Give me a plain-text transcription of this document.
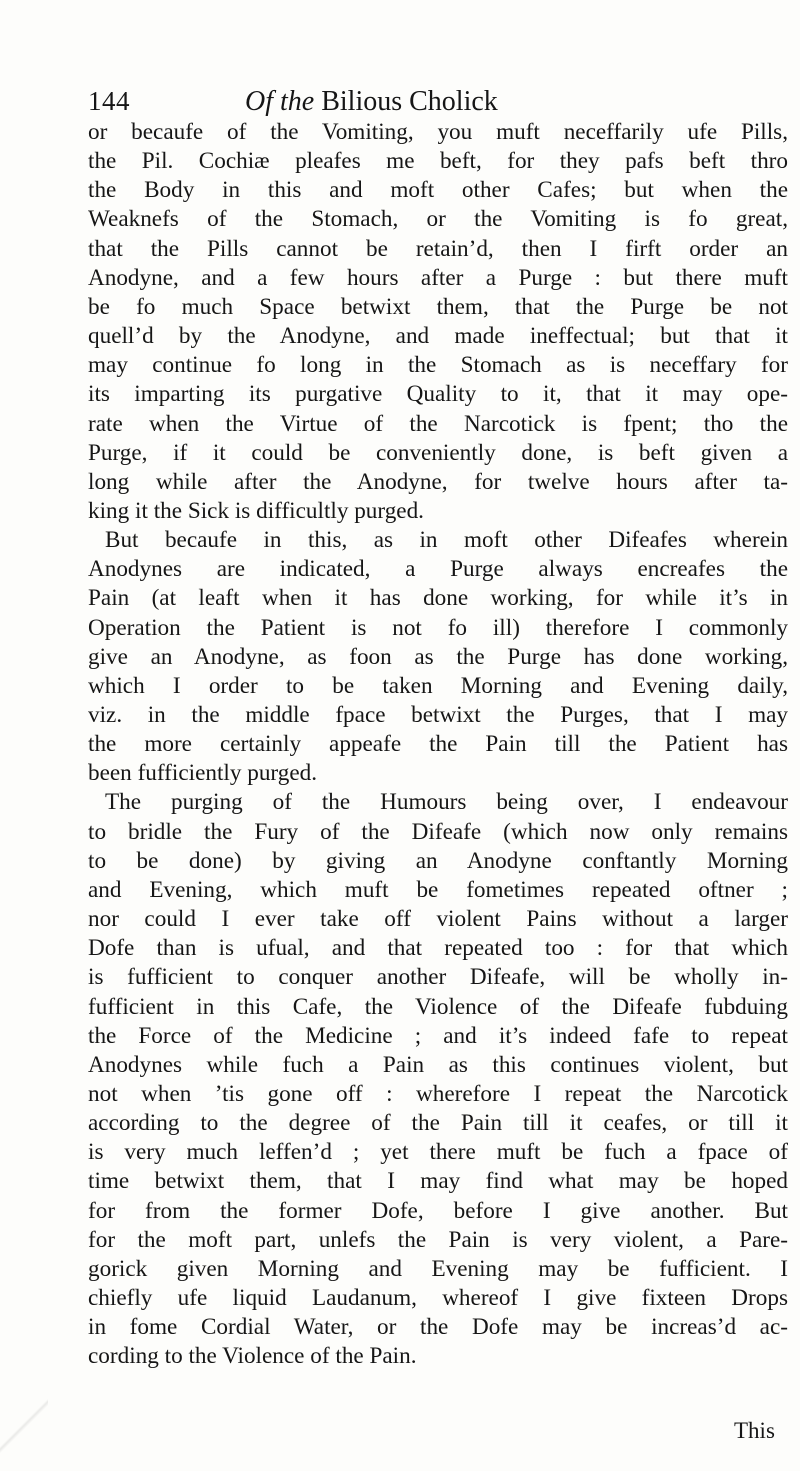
144	Of the Bilious Cholick
or becaufe of the Vomiting, you muft neceffarily ufe Pills,
the Pil. Cochiæ pleafes me beft, for they pafs beft thro
the Body in this and moft other Cafes; but when the
Weaknefs of the Stomach, or the Vomiting is fo great,
that the Pills cannot be retain’d, then I firft order an
Anodyne, and a few hours after a Purge : but there muft
be fo much Space betwixt them, that the Purge be not
quell’d by the Anodyne, and made ineffectual; but that it
may continue fo long in the Stomach as is neceffary for
its imparting its purgative Quality to it, that it may ope-
rate when the Virtue of the Narcotick is fpent; tho the
Purge, if it could be conveniently done, is beft given a
long while after the Anodyne, for twelve hours after ta-
king it the Sick is difficultly purged.
But becaufe in this, as in moft other Difeafes wherein
Anodynes are indicated, a Purge always encreafes the
Pain (at leaft when it has done working, for while it’s in
Operation the Patient is not fo ill) therefore I commonly
give an Anodyne, as foon as the Purge has done working,
which I order to be taken Morning and Evening daily,
viz. in the middle fpace betwixt the Purges, that I may
the more certainly appeafe the Pain till the Patient has
been fufficiently purged.
The purging of the Humours being over, I endeavour
to bridle the Fury of the Difeafe (which now only remains
to be done) by giving an Anodyne conftantly Morning
and Evening, which muft be fometimes repeated oftner ;
nor could I ever take off violent Pains without a larger
Dofe than is ufual, and that repeated too : for that which
is fufficient to conquer another Difeafe, will be wholly in-
fufficient in this Cafe, the Violence of the Difeafe fubduing
the Force of the Medicine ; and it’s indeed fafe to repeat
Anodynes while fuch a Pain as this continues violent, but
not when ’tis gone off : wherefore I repeat the Narcotick
according to the degree of the Pain till it ceafes, or till it
is very much leffen’d ; yet there muft be fuch a fpace of
time betwixt them, that I may find what may be hoped
for from the former Dofe, before I give another. But
for the moft part, unlefs the Pain is very violent, a Pare-
gorick given Morning and Evening may be fufficient. I
chiefly ufe liquid Laudanum, whereof I give fixteen Drops
in fome Cordial Water, or the Dofe may be increas’d ac-
cording to the Violence of the Pain.
This
